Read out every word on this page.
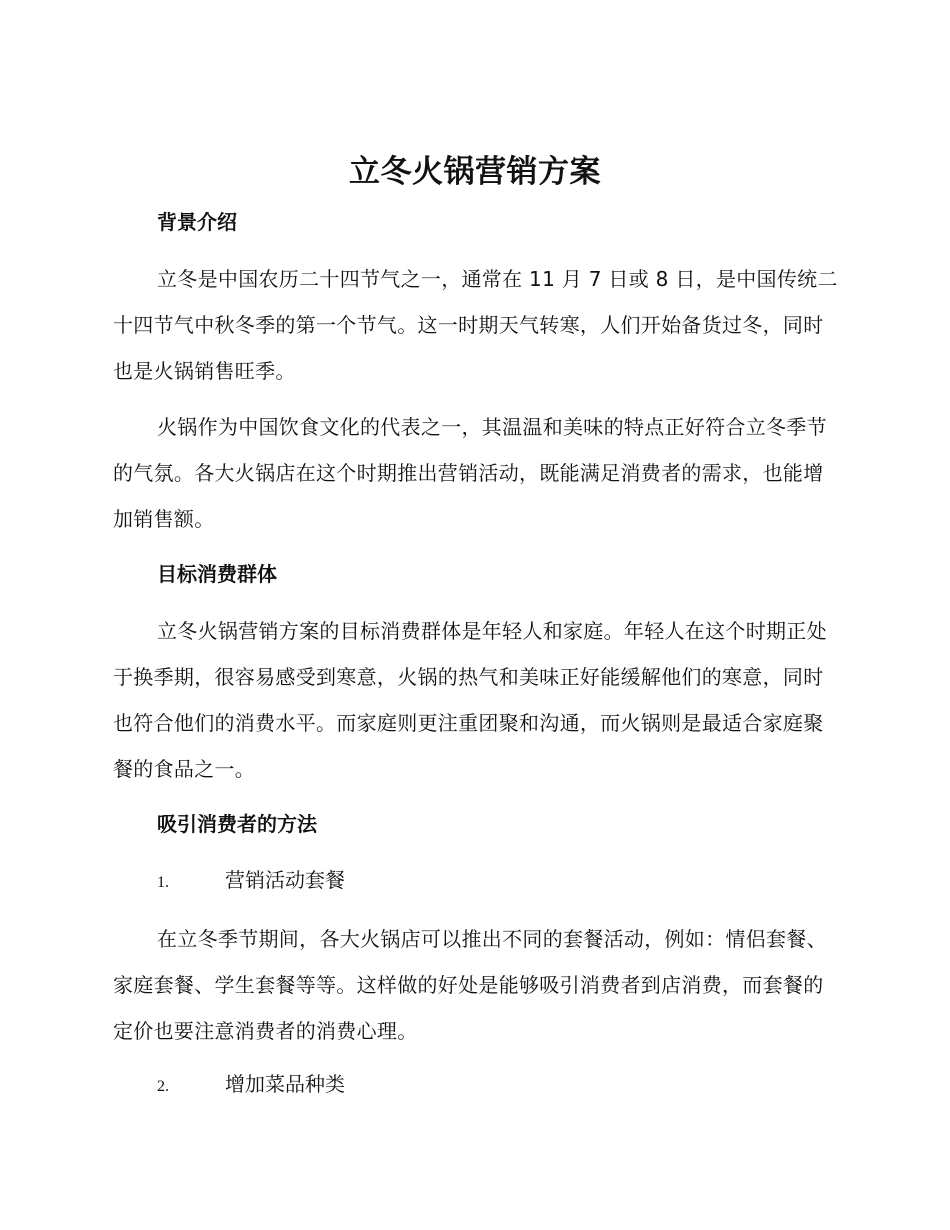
立冬火锅营销方案
背景介绍
立冬是中国农历二十四节气之一，通常在 11 月 7 日或 8 日，是中国传统二十四节气中秋冬季的第一个节气。这一时期天气转寒，人们开始备货过冬，同时也是火锅销售旺季。
火锅作为中国饮食文化的代表之一，其温温和美味的特点正好符合立冬季节的气氛。各大火锅店在这个时期推出营销活动，既能满足消费者的需求，也能增加销售额。
目标消费群体
立冬火锅营销方案的目标消费群体是年轻人和家庭。年轻人在这个时期正处于换季期，很容易感受到寒意，火锅的热气和美味正好能缓解他们的寒意，同时也符合他们的消费水平。而家庭则更注重团聚和沟通，而火锅则是最适合家庭聚餐的食品之一。
吸引消费者的方法
1.	营销活动套餐
在立冬季节期间，各大火锅店可以推出不同的套餐活动，例如：情侣套餐、家庭套餐、学生套餐等等。这样做的好处是能够吸引消费者到店消费，而套餐的定价也要注意消费者的消费心理。
2.	增加菜品种类
